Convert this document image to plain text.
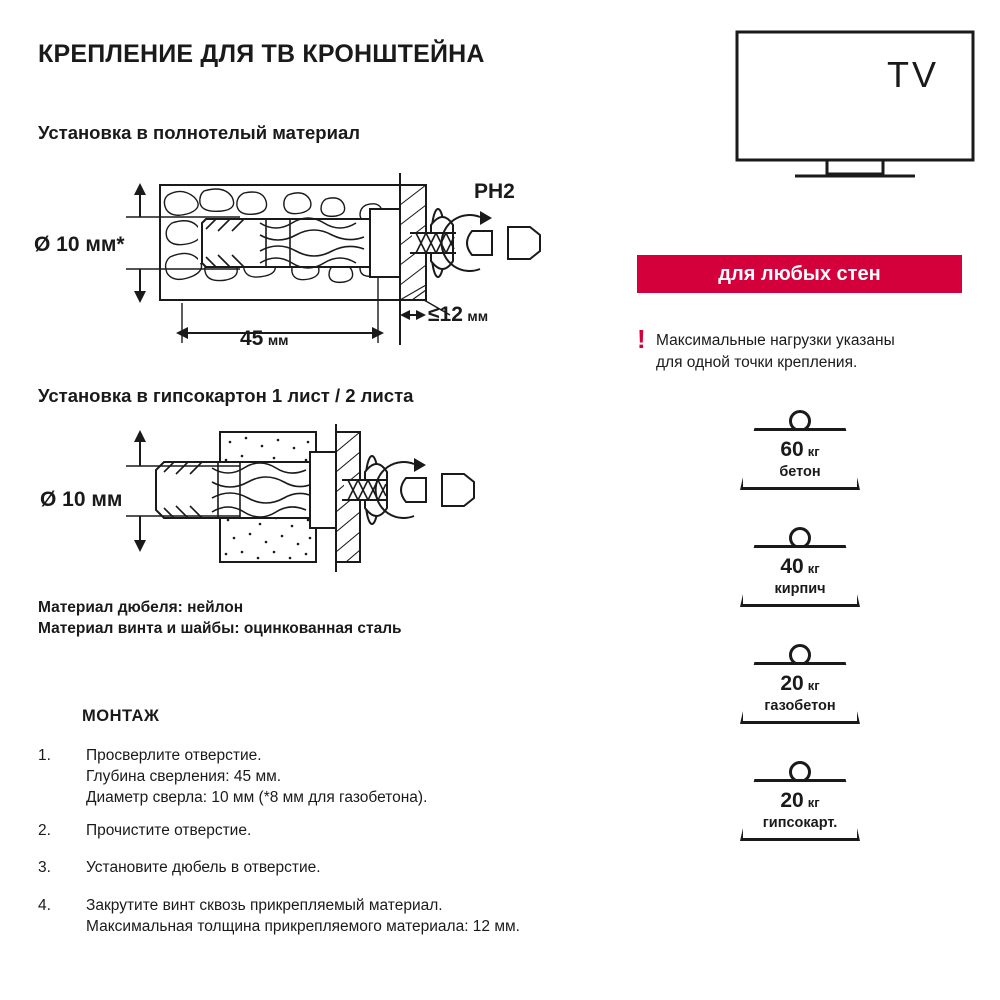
КРЕПЛЕНИЕ ДЛЯ ТВ КРОНШТЕЙНА
Установка в полнотелый материал
Ø 10 мм*
45 мм
≤12 мм
PH2
Установка в гипсокартон 1 лист / 2 листа
Ø 10 мм
Материал дюбеля: нейлон
Материал винта и шайбы: оцинкованная сталь
МОНТАЖ
1.	Просверлите отверстие.
Глубина сверления: 45 мм.
Диаметр сверла: 10 мм (*8 мм для газобетона).
2.	Прочистите отверстие.
3.	Установите дюбель в отверстие.
4.	Закрутите винт сквозь прикрепляемый материал.
Максимальная толщина прикрепляемого материала: 12 мм.
TV
для любых стен
! Максимальные нагрузки указаны
для одной точки крепления.
60 кг
бетон
40 кг
кирпич
20 кг
газобетон
20 кг
гипсокарт.
